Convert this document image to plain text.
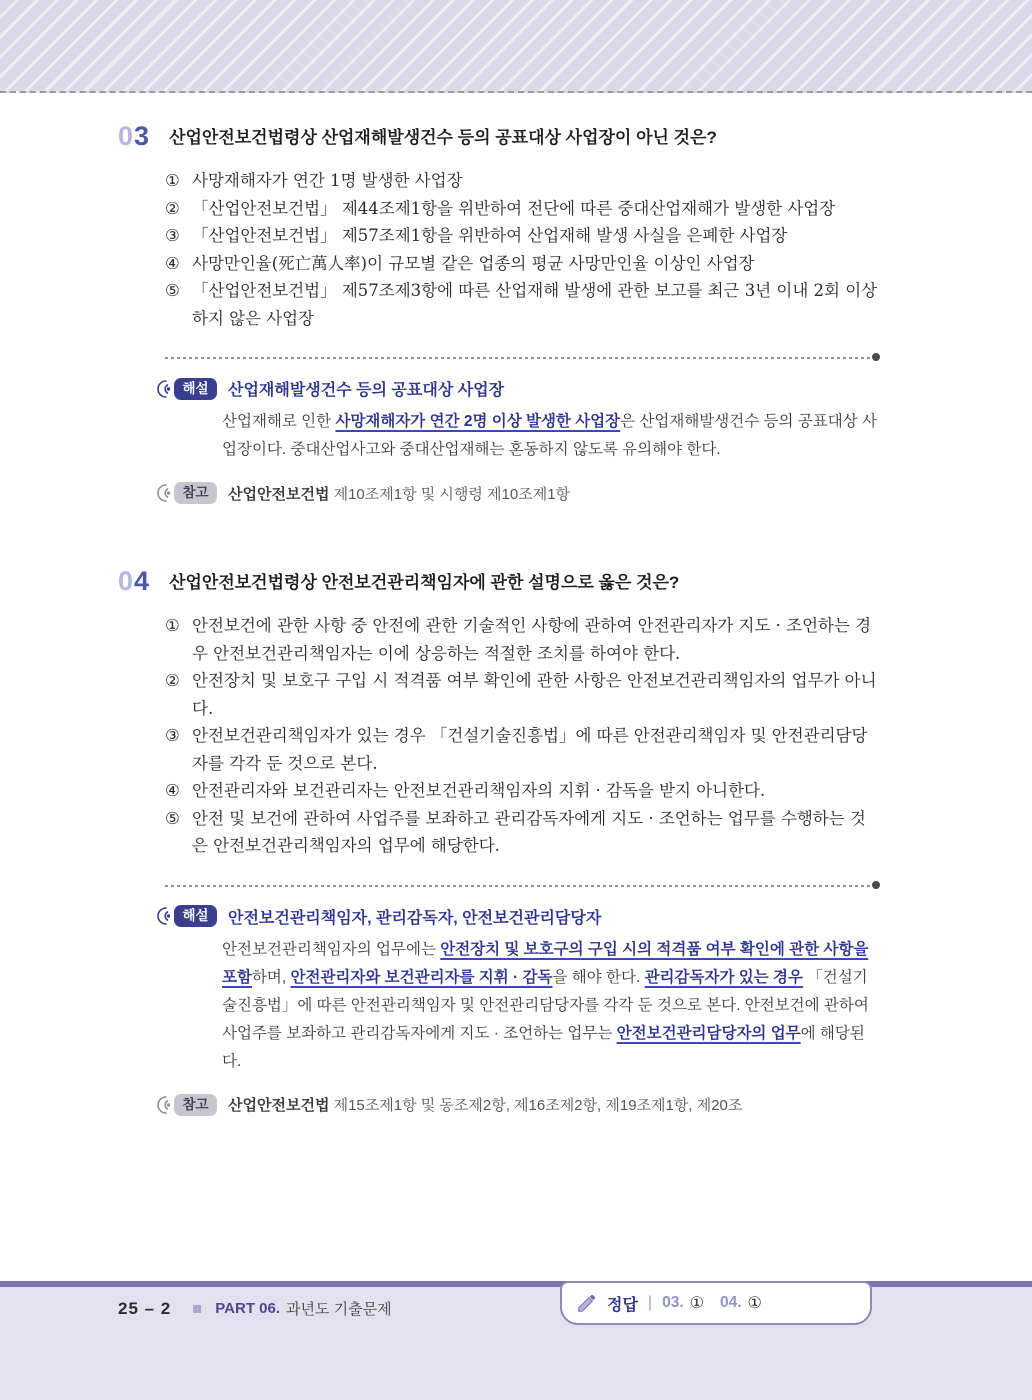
03 산업안전보건법령상 산업재해발생건수 등의 공표대상 사업장이 아닌 것은?
① 사망재해자가 연간 1명 발생한 사업장
② 「산업안전보건법」 제44조제1항을 위반하여 전단에 따른 중대산업재해가 발생한 사업장
③ 「산업안전보건법」 제57조제1항을 위반하여 산업재해 발생 사실을 은폐한 사업장
④ 사망만인율(死亡萬人率)이 규모별 같은 업종의 평균 사망만인율 이상인 사업장
⑤ 「산업안전보건법」 제57조제3항에 따른 산업재해 발생에 관한 보고를 최근 3년 이내 2회 이상 하지 않은 사업장
해설	산업재해발생건수 등의 공표대상 사업장

산업재해로 인한 사망재해자가 연간 2명 이상 발생한 사업장은 산업재해발생건수 등의 공표대상 사업장이다. 중대산업사고와 중대산업재해는 혼동하지 않도록 유의해야 한다.

참고	산업안전보건법 제10조제1항 및 시행령 제10조제1항
04 산업안전보건법령상 안전보건관리책임자에 관한 설명으로 옳은 것은?
① 안전보건에 관한 사항 중 안전에 관한 기술적인 사항에 관하여 안전관리자가 지도 · 조언하는 경우 안전보건관리책임자는 이에 상응하는 적절한 조치를 하여야 한다.
② 안전장치 및 보호구 구입 시 적격품 여부 확인에 관한 사항은 안전보건관리책임자의 업무가 아니다.
③ 안전보건관리책임자가 있는 경우 「건설기술진흥법」에 따른 안전관리책임자 및 안전관리담당자를 각각 둔 것으로 본다.
④ 안전관리자와 보건관리자는 안전보건관리책임자의 지휘 · 감독을 받지 아니한다.
⑤ 안전 및 보건에 관하여 사업주를 보좌하고 관리감독자에게 지도 · 조언하는 업무를 수행하는 것은 안전보건관리책임자의 업무에 해당한다.
해설	안전보건관리책임자, 관리감독자, 안전보건관리담당자

안전보건관리책임자의 업무에는 안전장치 및 보호구의 구입 시의 적격품 여부 확인에 관한 사항을 포함하며, 안전관리자와 보건관리자를 지휘 · 감독을 해야 한다. 관리감독자가 있는 경우 「건설기술진흥법」에 따른 안전관리책임자 및 안전관리담당자를 각각 둔 것으로 본다. 안전보건에 관하여 사업주를 보좌하고 관리감독자에게 지도 · 조언하는 업무는 안전보건관리담당자의 업무에 해당된다.

참고	산업안전보건법 제15조제1항 및 동조제2항, 제16조제2항, 제19조제1항, 제20조
25 – 2	PART 06. 과년도 기출문제	정답 | 03. ① 04. ①
